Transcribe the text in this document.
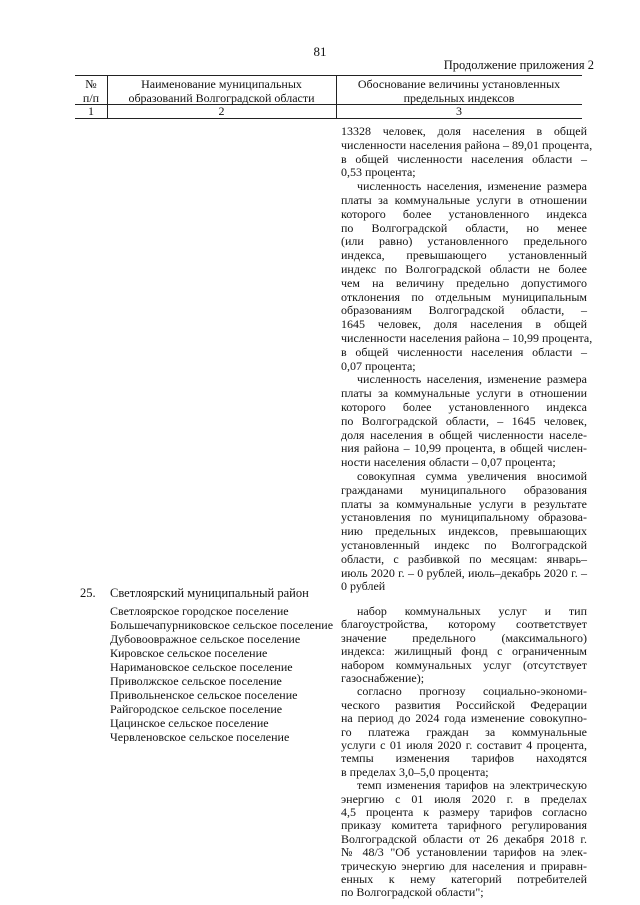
81
Продолжение приложения 2
№
п/п
Наименование муниципальных
образований Волгоградской области
Обоснование величины установленных
предельных индексов
1	2	3
13328 человек, доля населения в общей
численности населения района – 89,01 процента,
в общей численности населения области –
0,53 процента;
численность населения, изменение размера
платы за коммунальные услуги в отношении
которого более установленного индекса
по Волгоградской области, но менее
(или равно) установленного предельного
индекса, превышающего установленный
индекс по Волгоградской области не более
чем на величину предельно допустимого
отклонения по отдельным муниципальным
образованиям Волгоградской области, –
1645 человек, доля населения в общей
численности населения района – 10,99 процента,
в общей численности населения области –
0,07 процента;
численность населения, изменение размера
платы за коммунальные услуги в отношении
которого более установленного индекса
по Волгоградской области, – 1645 человек,
доля населения в общей численности населе-
ния района – 10,99 процента, в общей числен-
ности населения области – 0,07 процента;
совокупная сумма увеличения вносимой
гражданами муниципального образования
платы за коммунальные услуги в результате
установления по муниципальному образова-
нию предельных индексов, превышающих
установленный индекс по Волгоградской
области, с разбивкой по месяцам: январь–
июль 2020 г. – 0 рублей, июль–декабрь 2020 г. –
0 рублей
25. Светлоярский муниципальный район
Светлоярское городское поселение
Большечапурниковское сельское поселение
Дубовоовражное сельское поселение
Кировское сельское поселение
Наримановское сельское поселение
Приволжское сельское поселение
Привольненское сельское поселение
Райгородское сельское поселение
Цацинское сельское поселение
Червленовское сельское поселение
набор коммунальных услуг и тип
благоустройства, которому соответствует
значение предельного (максимального)
индекса: жилищный фонд с ограниченным
набором коммунальных услуг (отсутствует
газоснабжение);
согласно прогнозу социально-экономи-
ческого развития Российской Федерации
на период до 2024 года изменение совокупно-
го платежа граждан за коммунальные
услуги с 01 июля 2020 г. составит 4 процента,
темпы изменения тарифов находятся
в пределах 3,0–5,0 процента;
темп изменения тарифов на электрическую
энергию с 01 июля 2020 г. в пределах
4,5 процента к размеру тарифов согласно
приказу комитета тарифного регулирования
Волгоградской области от 26 декабря 2018 г.
№ 48/3 "Об установлении тарифов на элек-
трическую энергию для населения и приравн-
енных к нему категорий потребителей
по Волгоградской области";
